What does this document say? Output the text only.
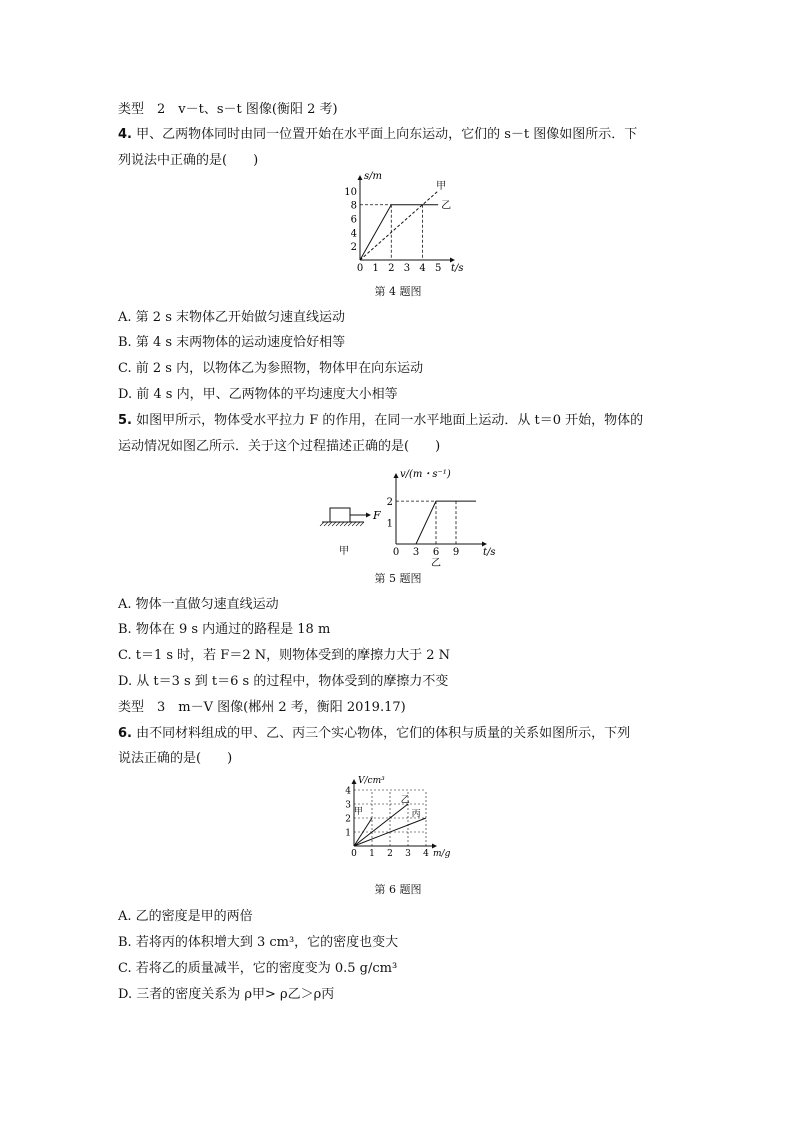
类型　2　v－t、s－t 图像(衡阳 2 考)
4. 甲、乙两物体同时由同一位置开始在水平面上向东运动，它们的 s－t 图像如图所示．下
列说法中正确的是(　　)
t/s
s/m
0 1 2 3 4 5
2
4
6
8
10
乙
甲
第 4 题图
A. 第 2 s 末物体乙开始做匀速直线运动
B. 第 4 s 末两物体的运动速度恰好相等
C. 前 2 s 内，以物体乙为参照物，物体甲在向东运动
D. 前 4 s 内，甲、乙两物体的平均速度大小相等
5. 如图甲所示，物体受水平拉力 F 的作用，在同一水平地面上运动．从 t＝0 开始，物体的
运动情况如图乙所示．关于这个过程描述正确的是(　　)
F
甲	t/s
v/(m・s⁻¹)
0 3 6 9
1
2
乙
第 5 题图
A. 物体一直做匀速直线运动
B. 物体在 9 s 内通过的路程是 18 m
C. t＝1 s 时，若 F＝2 N，则物体受到的摩擦力大于 2 N
D. 从 t＝3 s 到 t＝6 s 的过程中，物体受到的摩擦力不变
类型　3　m－V 图像(郴州 2 考，衡阳 2019.17)
6. 由不同材料组成的甲、乙、丙三个实心物体，它们的体积与质量的关系如图所示，下列
说法正确的是(　　)
m/g
V/cm³
0 1 2 3 4
1
2
3
4
甲
乙
丙
第 6 题图
A. 乙的密度是甲的两倍
B. 若将丙的体积增大到 3 cm³，它的密度也变大
C. 若将乙的质量减半，它的密度变为 0.5 g/cm³
D. 三者的密度关系为 ρ甲> ρ乙＞ρ丙
